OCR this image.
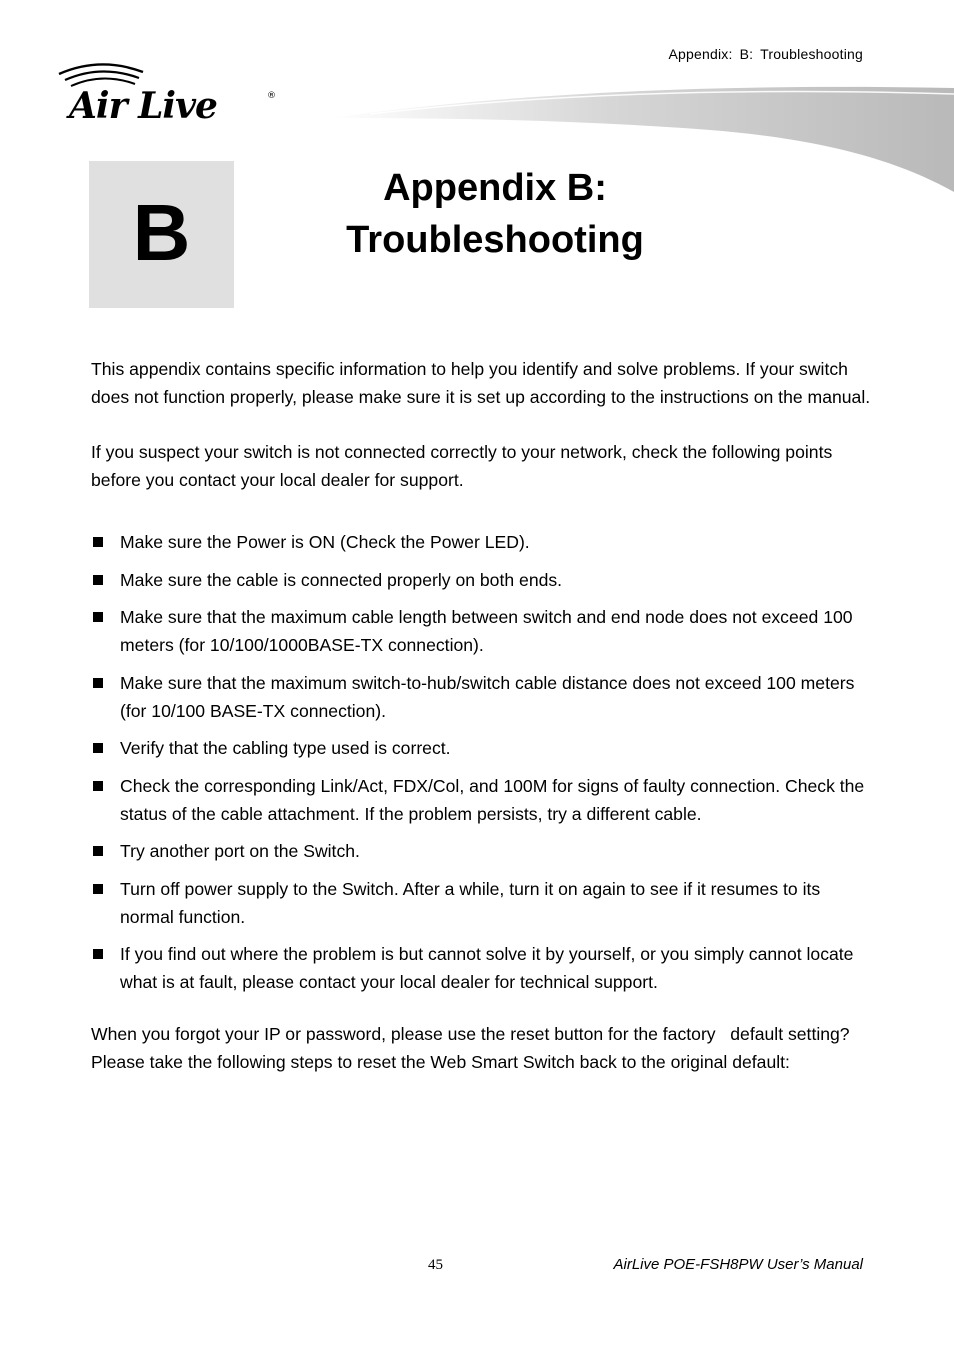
Appendix: B: Troubleshooting
Air Live	®
B	Appendix B:
Troubleshooting

This appendix contains specific information to help you identify and solve problems. If your switch does not function properly, please make sure it is set up according to the instructions on the manual.

If you suspect your switch is not connected correctly to your network, check the following points before you contact your local dealer for support.

Make sure the Power is ON (Check the Power LED).
Make sure the cable is connected properly on both ends.
Make sure that the maximum cable length between switch and end node does not exceed 100 meters (for 10/100/1000BASE-TX connection).
Make sure that the maximum switch-to-hub/switch cable distance does not exceed 100 meters (for 10/100 BASE-TX connection).
Verify that the cabling type used is correct.
Check the corresponding Link/Act, FDX/Col, and 100M for signs of faulty connection. Check the status of the cable attachment. If the problem persists, try a different cable.
Try another port on the Switch.
Turn off power supply to the Switch. After a while, turn it on again to see if it resumes to its normal function.
If you find out where the problem is but cannot solve it by yourself, or you simply cannot locate what is at fault, please contact your local dealer for technical support.

When you forgot your IP or password, please use the reset button for the factory   default setting? Please take the following steps to reset the Web Smart Switch back to the original default:

45	AirLive POE-FSH8PW User’s Manual
